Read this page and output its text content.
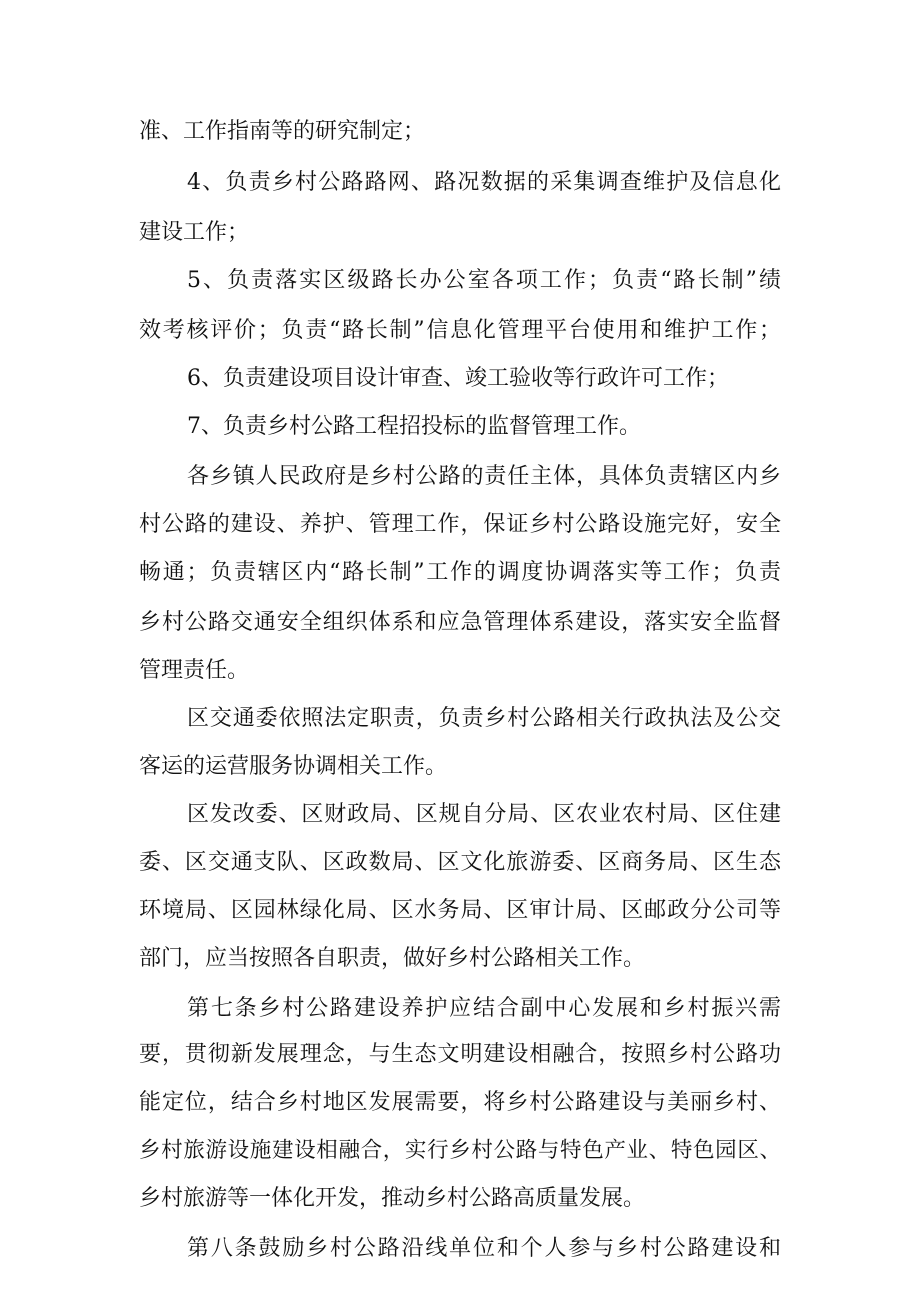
准、工作指南等的研究制定；
4、负责乡村公路路网、路况数据的采集调查维护及信息化
建设工作；
5、负责落实区级路长办公室各项工作；负责“路长制”绩
效考核评价；负责“路长制”信息化管理平台使用和维护工作；
6、负责建设项目设计审查、竣工验收等行政许可工作；
7、负责乡村公路工程招投标的监督管理工作。
各乡镇人民政府是乡村公路的责任主体，具体负责辖区内乡
村公路的建设、养护、管理工作，保证乡村公路设施完好，安全
畅通；负责辖区内“路长制”工作的调度协调落实等工作；负责
乡村公路交通安全组织体系和应急管理体系建设，落实安全监督
管理责任。
区交通委依照法定职责，负责乡村公路相关行政执法及公交
客运的运营服务协调相关工作。
区发改委、区财政局、区规自分局、区农业农村局、区住建
委、区交通支队、区政数局、区文化旅游委、区商务局、区生态
环境局、区园林绿化局、区水务局、区审计局、区邮政分公司等
部门，应当按照各自职责，做好乡村公路相关工作。
第七条乡村公路建设养护应结合副中心发展和乡村振兴需
要，贯彻新发展理念，与生态文明建设相融合，按照乡村公路功
能定位，结合乡村地区发展需要，将乡村公路建设与美丽乡村、
乡村旅游设施建设相融合，实行乡村公路与特色产业、特色园区、
乡村旅游等一体化开发，推动乡村公路高质量发展。
第八条鼓励乡村公路沿线单位和个人参与乡村公路建设和
